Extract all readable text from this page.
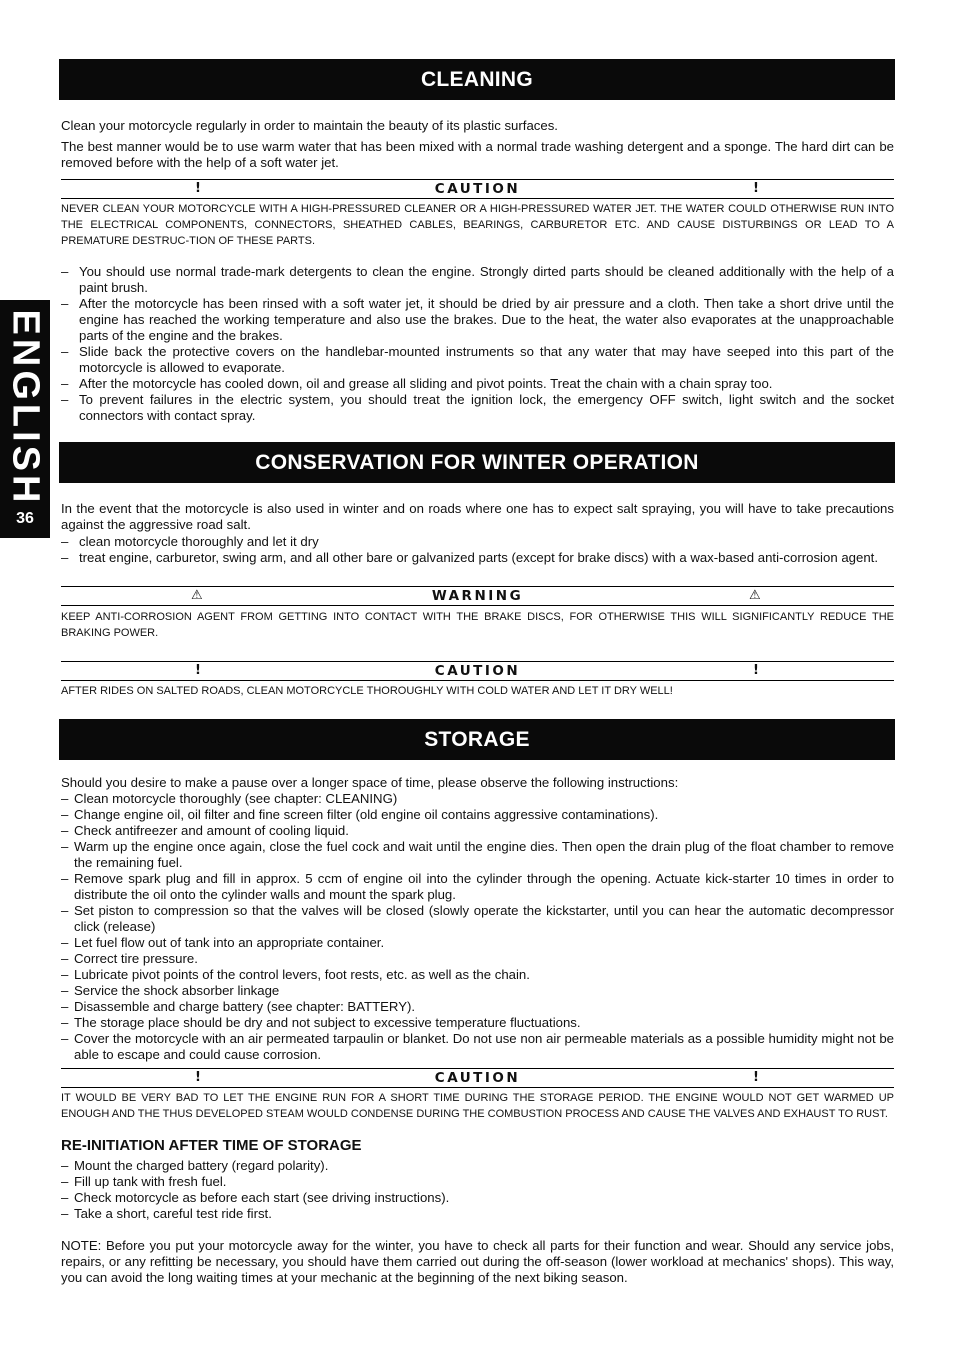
ENGLISH
36
CLEANING

Clean your motorcycle regularly in order to maintain the beauty of its plastic surfaces.

The best manner would be to use warm water that has been mixed with a normal trade washing detergent and a sponge. The hard dirt can be removed before with the help of a soft water jet.

!	CAUTION	!

NEVER CLEAN YOUR MOTORCYCLE WITH A HIGH-PRESSURED CLEANER OR A HIGH-PRESSURED WATER JET. THE WATER COULD OTHERWISE RUN INTO THE ELECTRICAL COMPONENTS, CONNECTORS, SHEATHED CABLES, BEARINGS, CARBURETOR ETC. AND CAUSE DISTURBINGS OR LEAD TO A PREMATURE DESTRUC-TION OF THESE PARTS.

– You should use normal trade-mark detergents to clean the engine. Strongly dirted parts should be cleaned additionally with the help of a paint brush.
– After the motorcycle has been rinsed with a soft water jet, it should be dried by air pressure and a cloth. Then take a short drive until the engine has reached the working temperature and also use the brakes. Due to the heat, the water also evaporates at the unapproachable parts of the engine and the brakes.
– Slide back the protective covers on the handlebar-mounted instruments so that any water that may have seeped into this part of the motorcycle is allowed to evaporate.
– After the motorcycle has cooled down, oil and grease all sliding and pivot points. Treat the chain with a chain spray too.
– To prevent failures in the electric system, you should treat the ignition lock, the emergency OFF switch, light switch and the socket connectors with contact spray.
CONSERVATION FOR WINTER OPERATION

In the event that the motorcycle is also used in winter and on roads where one has to expect salt spraying, you will have to take precautions against the aggressive road salt.

– clean motorcycle thoroughly and let it dry
– treat engine, carburetor, swing arm, and all other bare or galvanized parts (except for brake discs) with a wax-based anti-corrosion agent.
⚠	WARNING	⚠

KEEP ANTI-CORROSION AGENT FROM GETTING INTO CONTACT WITH THE BRAKE DISCS, FOR OTHERWISE THIS WILL SIGNIFICANTLY REDUCE THE BRAKING POWER.

!	CAUTION	!

AFTER RIDES ON SALTED ROADS, CLEAN MOTORCYCLE THOROUGHLY WITH COLD WATER AND LET IT DRY WELL!

STORAGE

Should you desire to make a pause over a longer space of time, please observe the following instructions:

– Clean motorcycle thoroughly (see chapter: CLEANING)
– Change engine oil, oil filter and fine screen filter (old engine oil contains aggressive contaminations).
– Check antifreezer and amount of cooling liquid.
– Warm up the engine once again, close the fuel cock and wait until the engine dies. Then open the drain plug of the float chamber to remove the remaining fuel.
– Remove spark plug and fill in approx. 5 ccm of engine oil into the cylinder through the opening. Actuate kick-starter 10 times in order to distribute the oil onto the cylinder walls and mount the spark plug.
– Set piston to compression so that the valves will be closed (slowly operate the kickstarter, until you can hear the automatic decompressor click (release)
– Let fuel flow out of tank into an appropriate container.
– Correct tire pressure.
– Lubricate pivot points of the control levers, foot rests, etc. as well as the chain.
– Service the shock absorber linkage
– Disassemble and charge battery (see chapter: BATTERY).
– The storage place should be dry and not subject to excessive temperature fluctuations.
– Cover the motorcycle with an air permeated tarpaulin or blanket. Do not use non air permeable materials as a possible humidity might not be able to escape and could cause corrosion.
!	CAUTION	!

IT WOULD BE VERY BAD TO LET THE ENGINE RUN FOR A SHORT TIME DURING THE STORAGE PERIOD. THE ENGINE WOULD NOT GET WARMED UP ENOUGH AND THE THUS DEVELOPED STEAM WOULD CONDENSE DURING THE COMBUSTION PROCESS AND CAUSE THE VALVES AND EXHAUST TO RUST.

RE-INITIATION AFTER TIME OF STORAGE
– Mount the charged battery (regard polarity).
– Fill up tank with fresh fuel.
– Check motorcycle as before each start (see driving instructions).
– Take a short, careful test ride first.

NOTE: Before you put your motorcycle away for the winter, you have to check all parts for their function and wear. Should any service jobs, repairs, or any refitting be necessary, you should have them carried out during the off-season (lower workload at mechanics' shops). This way, you can avoid the long waiting times at your mechanic at the beginning of the next biking season.
